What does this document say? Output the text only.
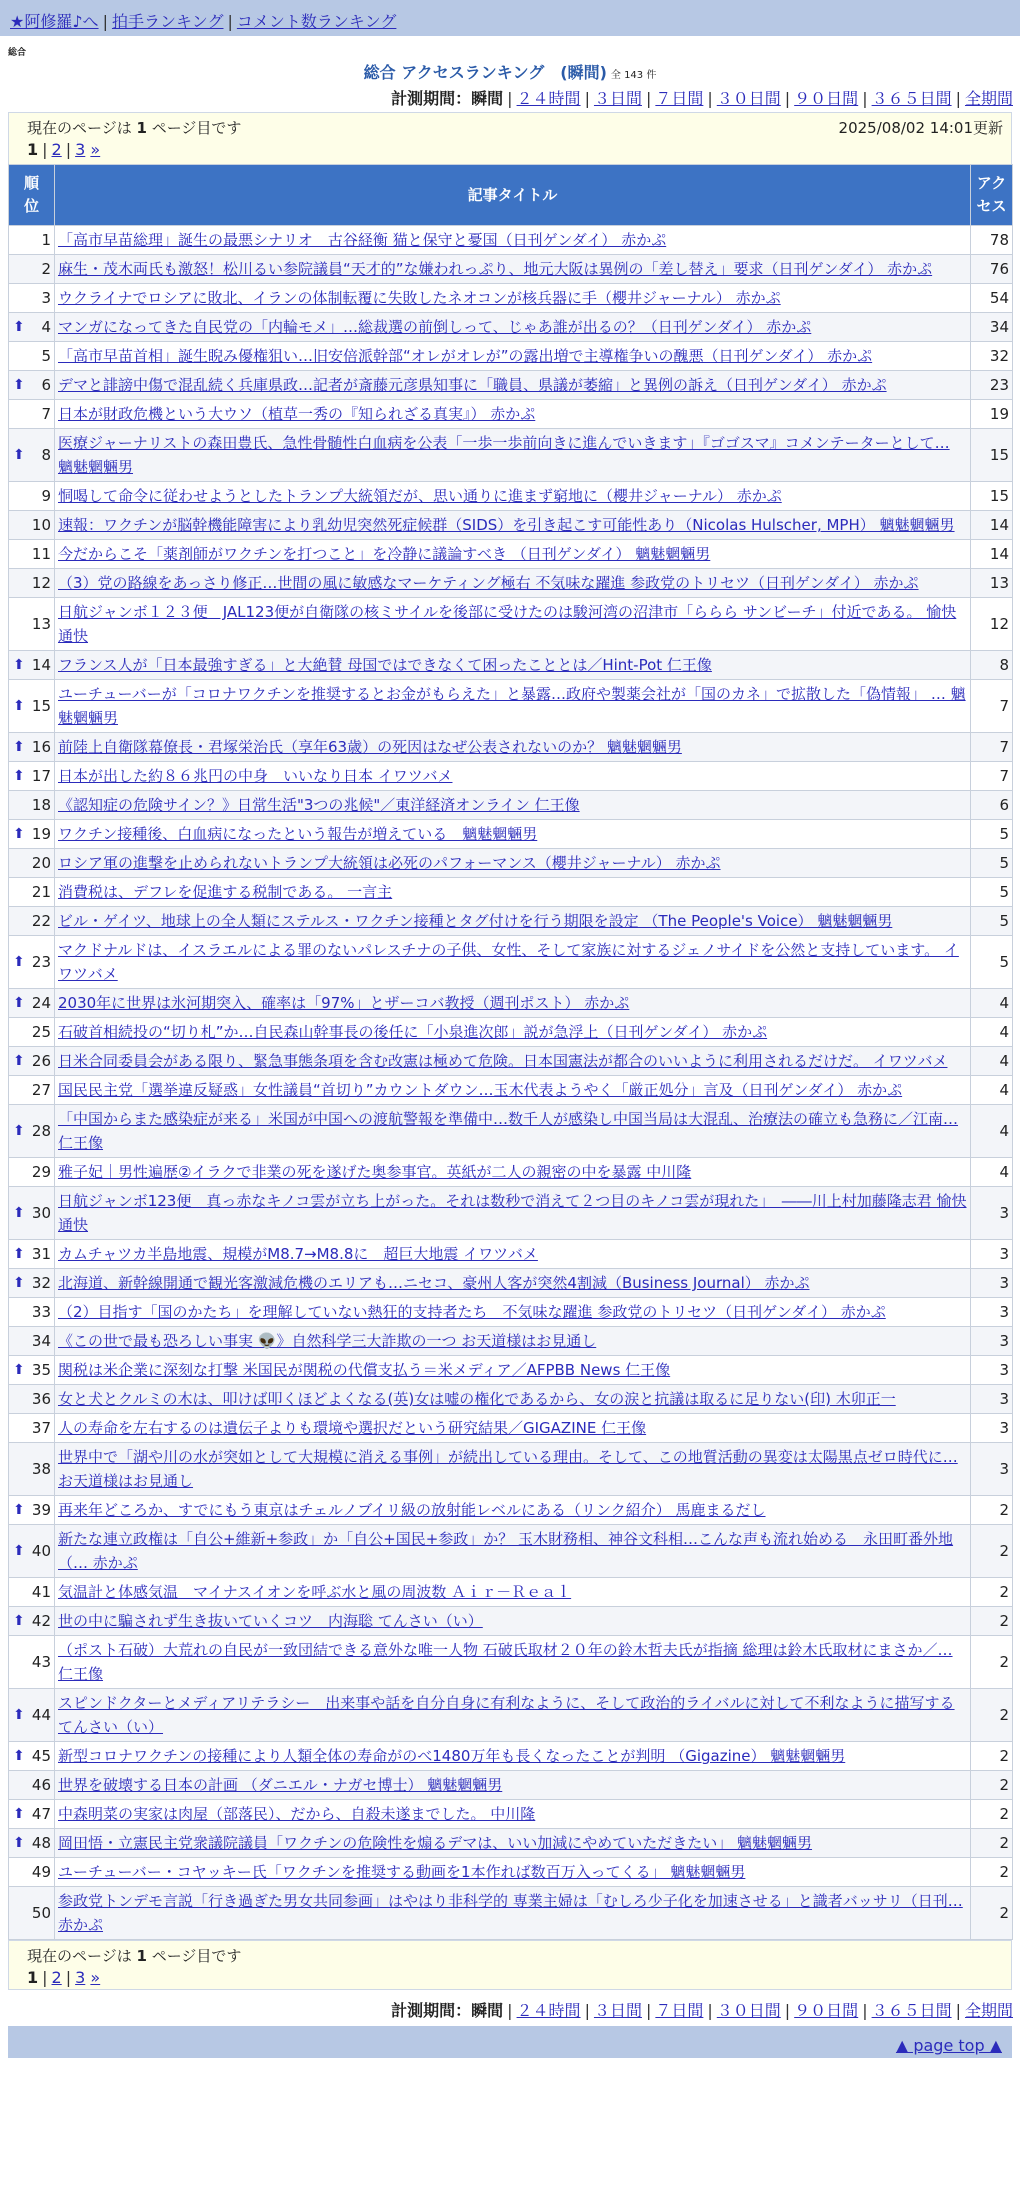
★阿修羅♪へ | 拍手ランキング | コメント数ランキング
総合
総合 アクセスランキング　(瞬間) 全 143 件
計測期間：瞬間 | ２４時間 | ３日間 | ７日間 | ３０日間 | ９０日間 | ３６５日間 | 全期間
現在のページは 1 ページ目です	2025/08/02 14:01更新
1 | 2 | 3 »
順位	記事タイトル	アクセス
1	「高市早苗総理」誕生の最悪シナリオ　古谷経衡 猫と保守と憂国（日刊ゲンダイ） 赤かぷ	78
2	麻生・茂木両氏も激怒！松川るい参院議員“天才的”な嫌われっぷり、地元大阪は異例の「差し替え」要求（日刊ゲンダイ） 赤かぷ	76
3	ウクライナでロシアに敗北、イランの体制転覆に失敗したネオコンが核兵器に手（櫻井ジャーナル） 赤かぷ	54

⬆ 4	マンガになってきた自民党の「内輪モメ」…総裁選の前倒しって、じゃあ誰が出るの？（日刊ゲンダイ） 赤かぷ	34
5	「高市早苗首相」誕生睨み優権狙い…旧安倍派幹部“オレがオレが”の露出増で主導権争いの醜悪（日刊ゲンダイ） 赤かぷ	32

⬆ 6	デマと誹謗中傷で混乱続く兵庫県政…記者が斎藤元彦県知事に「職員、県議が萎縮」と異例の訴え（日刊ゲンダイ） 赤かぷ	23
7	日本が財政危機という大ウソ（植草一秀の『知られざる真実』） 赤かぷ	19

⬆ 8	医療ジャーナリストの森田豊氏、急性骨髄性白血病を公表「一歩一歩前向きに進んでいきます」『ゴゴスマ』コメンテーターとして… 魑魅魍魎男	15
9	恫喝して命令に従わせようとしたトランプ大統領だが、思い通りに進まず窮地に（櫻井ジャーナル） 赤かぷ	15
10	速報：ワクチンが脳幹機能障害により乳幼児突然死症候群（SIDS）を引き起こす可能性あり（Nicolas Hulscher, MPH） 魑魅魍魎男	14
11	今だからこそ「薬剤師がワクチンを打つこと」を冷静に議論すべき （日刊ゲンダイ） 魑魅魍魎男	14
12	（3）党の路線をあっさり修正…世間の風に敏感なマーケティング極右 不気味な躍進 参政党のトリセツ（日刊ゲンダイ） 赤かぷ	13
13	日航ジャンボ１２３便　JAL123便が自衛隊の核ミサイルを後部に受けたのは駿河湾の沼津市「ららら サンビーチ」付近である。 愉快通快	12

⬆ 14	フランス人が「日本最強すぎる」と大絶賛 母国ではできなくて困ったこととは／Hint-Pot 仁王像	8

⬆ 15	ユーチューバーが「コロナワクチンを推奨するとお金がもらえた」と暴露…政府や製薬会社が「国のカネ」で拡散した「偽情報」 … 魑魅魍魎男	7

⬆ 16	前陸上自衛隊幕僚長・君塚栄治氏（享年63歳）の死因はなぜ公表されないのか？ 魑魅魍魎男	7

⬆ 17	日本が出した約８６兆円の中身　いいなり日本 イワツバメ	7
18	《認知症の危険サイン？》日常生活"3つの兆候"／東洋経済オンライン 仁王像	6

⬆ 19	ワクチン接種後、白血病になったという報告が増えている　魑魅魍魎男	5
20	ロシア軍の進撃を止められないトランプ大統領は必死のパフォーマンス（櫻井ジャーナル） 赤かぷ	5
21	消費税は、デフレを促進する税制である。 一言主	5
22	ビル・ゲイツ、地球上の全人類にステルス・ワクチン接種とタグ付けを行う期限を設定 （The People's Voice） 魑魅魍魎男	5

⬆ 23	マクドナルドは、イスラエルによる罪のないパレスチナの子供、女性、そして家族に対するジェノサイドを公然と支持しています。 イワツバメ	5

⬆ 24	2030年に世界は氷河期突入、確率は「97%」とザーコバ教授（週刊ポスト） 赤かぷ	4
25	石破首相続投の“切り札”か…自民森山幹事長の後任に「小泉進次郎」説が急浮上（日刊ゲンダイ） 赤かぷ	4

⬆ 26	日米合同委員会がある限り、緊急事態条項を含む改憲は極めて危険。日本国憲法が都合のいいように利用されるだけだ。 イワツバメ	4
27	国民民主党「選挙違反疑惑」女性議員“首切り”カウントダウン…玉木代表ようやく「厳正処分」言及（日刊ゲンダイ） 赤かぷ	4

⬆ 28	「中国からまた感染症が来る」米国が中国への渡航警報を準備中…数千人が感染し中国当局は大混乱、治療法の確立も急務に／江南… 仁王像	4
29	雅子妃｜男性遍歴②イラクで非業の死を遂げた奥参事官。英紙が二人の親密の中を暴露 中川隆	4

⬆ 30	日航ジャンボ123便　真っ赤なキノコ雲が立ち上がった。それは数秒で消えて２つ目のキノコ雲が現れた」　――川上村加藤隆志君 愉快通快	3

⬆ 31	カムチャツカ半島地震、規模がM8.7→M8.8に　超巨大地震 イワツバメ	3

⬆ 32	北海道、新幹線開通で観光客激減危機のエリアも…ニセコ、豪州人客が突然4割減（Business Journal） 赤かぷ	3
33	（2）目指す「国のかたち」を理解していない熱狂的支持者たち　不気味な躍進 参政党のトリセツ（日刊ゲンダイ） 赤かぷ	3
34	《この世で最も恐ろしい事実 👽》自然科学三大詐欺の一つ お天道様はお見通し	3

⬆ 35	関税は米企業に深刻な打撃 米国民が関税の代償支払う＝米メディア／AFPBB News 仁王像	3
36	女と犬とクルミの木は、叩けば叩くほどよくなる(英)女は嘘の権化であるから、女の涙と抗議は取るに足りない(印) 木卯正一	3
37	人の寿命を左右するのは遺伝子よりも環境や選択だという研究結果／GIGAZINE 仁王像	3
38	世界中で「湖や川の水が突如として大規模に消える事例」が続出している理由。そして、この地質活動の異変は太陽黒点ゼロ時代に… お天道様はお見通し	3

⬆ 39	再来年どころか、すでにもう東京はチェルノブイリ級の放射能レベルにある（リンク紹介） 馬鹿まるだし	2

⬆ 40	新たな連立政権は「自公+維新+参政」か「自公+国民+参政」か？ 玉木財務相、神谷文科相…こんな声も流れ始める　永田町番外地（… 赤かぷ	2
41	気温計と体感気温　マイナスイオンを呼ぶ水と風の周波数 Ａｉｒ－Ｒｅａｌ	2

⬆ 42	世の中に騙されず生き抜いていくコツ　内海聡 てんさい（い）	2
43	（ポスト石破）大荒れの自民が一致団結できる意外な唯一人物 石破氏取材２０年の鈴木哲夫氏が指摘 総理は鈴木氏取材にまさか／… 仁王像	2

⬆ 44	スピンドクターとメディアリテラシー　出来事や話を自分自身に有利なように、そして政治的ライバルに対して不利なように描写する てんさい（い）	2

⬆ 45	新型コロナワクチンの接種により人類全体の寿命がのべ1480万年も長くなったことが判明 （Gigazine） 魑魅魍魎男	2
46	世界を破壊する日本の計画 （ダニエル・ナガセ博士） 魑魅魍魎男	2

⬆ 47	中森明菜の実家は肉屋（部落民）、だから、自殺未遂までした。 中川隆	2

⬆ 48	岡田悟・立憲民主党衆議院議員「ワクチンの危険性を煽るデマは、いい加減にやめていただきたい」 魑魅魍魎男	2
49	ユーチューバー・コヤッキー氏「ワクチンを推奨する動画を1本作れば数百万入ってくる」 魑魅魍魎男	2
50	参政党トンデモ言説「行き過ぎた男女共同参画」はやはり非科学的 専業主婦は「むしろ少子化を加速させる」と識者バッサリ（日刊… 赤かぷ	2
現在のページは 1 ページ目です
1 | 2 | 3 »
計測期間：瞬間 | ２４時間 | ３日間 | ７日間 | ３０日間 | ９０日間 | ３６５日間 | 全期間
▲ page top ▲
